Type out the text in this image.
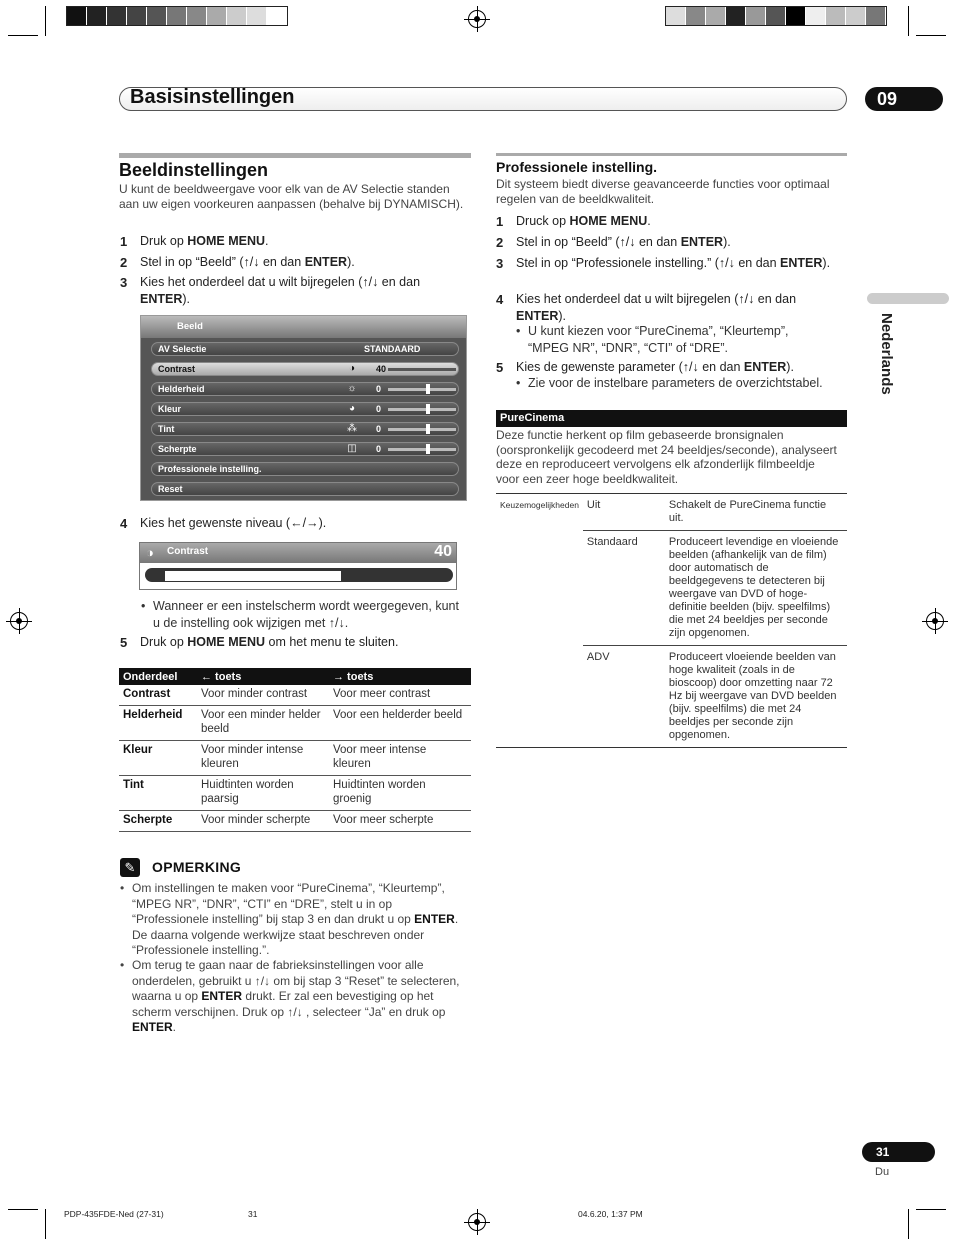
Basisinstellingen	09
Nederlands
Beeldinstellingen
U kunt de beeldweergave voor elk van de AV Selectie standen aan uw eigen voorkeuren aanpassen (behalve bij DYNAMISCH).
1 Druk op HOME MENU.
2 Stel in op “Beeld” (↑/↓ en dan ENTER).
3 Kies het onderdeel dat u wilt bijregelen (↑/↓ en dan ENTER).
Beeld
AV Selectie	STANDAARD
Contrast	◑	40
Helderheid	☼ 0
Kleur	◕	0
Tint	⁂ 0
Scherpte	◫ 0
Professionele instelling.
Reset
4 Kies het gewenste niveau (←/→).
◑ Contrast	40
• Wanneer er een instelscherm wordt weergegeven, kunt u de instelling ook wijzigen met ↑/↓.
5 Druk op HOME MENU om het menu te sluiten.
Onderdeel	← toets	→ toets
Contrast	Voor minder contrast	Voor meer contrast
Helderheid	Voor een minder helder beeld	Voor een helderder beeld
Kleur	Voor minder intense kleuren	Voor meer intense kleuren
Tint	Huidtinten worden paarsig	Huidtinten worden groenig
Scherpte	Voor minder scherpte	Voor meer scherpte
✎	OPMERKING
• Om instellingen te maken voor “PureCinema”, “Kleurtemp”, “MPEG NR”, “DNR”, “CTI” en “DRE”, stelt u in op “Professionele instelling” bij stap 3 en dan drukt u op ENTER. De daarna volgende werkwijze staat beschreven onder “Professionele instelling.”.
• Om terug te gaan naar de fabrieksinstellingen voor alle onderdelen, gebruikt u ↑/↓ om bij stap 3 “Reset” te selecteren, waarna u op ENTER drukt. Er zal een bevestiging op het scherm verschijnen. Druk op ↑/↓ , selecteer “Ja” en druk op ENTER.
Professionele instelling.
Dit systeem biedt diverse geavanceerde functies voor optimaal regelen van de beeldkwaliteit.
1 Druck op HOME MENU.
2 Stel in op “Beeld” (↑/↓ en dan ENTER).
3 Stel in op “Professionele instelling.” (↑/↓ en dan ENTER).
4 Kies het onderdeel dat u wilt bijregelen (↑/↓ en dan ENTER).
• U kunt kiezen voor “PureCinema”, “Kleurtemp”, “MPEG NR”, “DNR”, “CTI” of “DRE”.
5 Kies de gewenste parameter (↑/↓ en dan ENTER).
• Zie voor de instelbare parameters de overzichtstabel.
PureCinema
Deze functie herkent op film gebaseerde bronsignalen (oorspronkelijk gecodeerd met 24 beeldjes/seconde), analyseert deze en reproduceert vervolgens elk afzonderlijk filmbeeldje voor een zeer hoge beeldkwaliteit.
Keuzemogelijkheden	Uit	Schakelt de PureCinema functie uit.
	Standaard	Produceert levendige en vloeiende beelden (afhankelijk van de film) door automatisch de beeldgegevens te detecteren bij weergave van DVD of hoge-definitie beelden (bijv. speelfilms) die met 24 beeldjes per seconde zijn opgenomen.
	ADV	Produceert vloeiende beelden van hoge kwaliteit (zoals in de bioscoop) door omzetting naar 72 Hz bij weergave van DVD beelden (bijv. speelfilms) die met 24 beeldjes per seconde zijn opgenomen.
31
Du
PDP-435FDE-Ned (27-31)	31	04.6.20, 1:37 PM
